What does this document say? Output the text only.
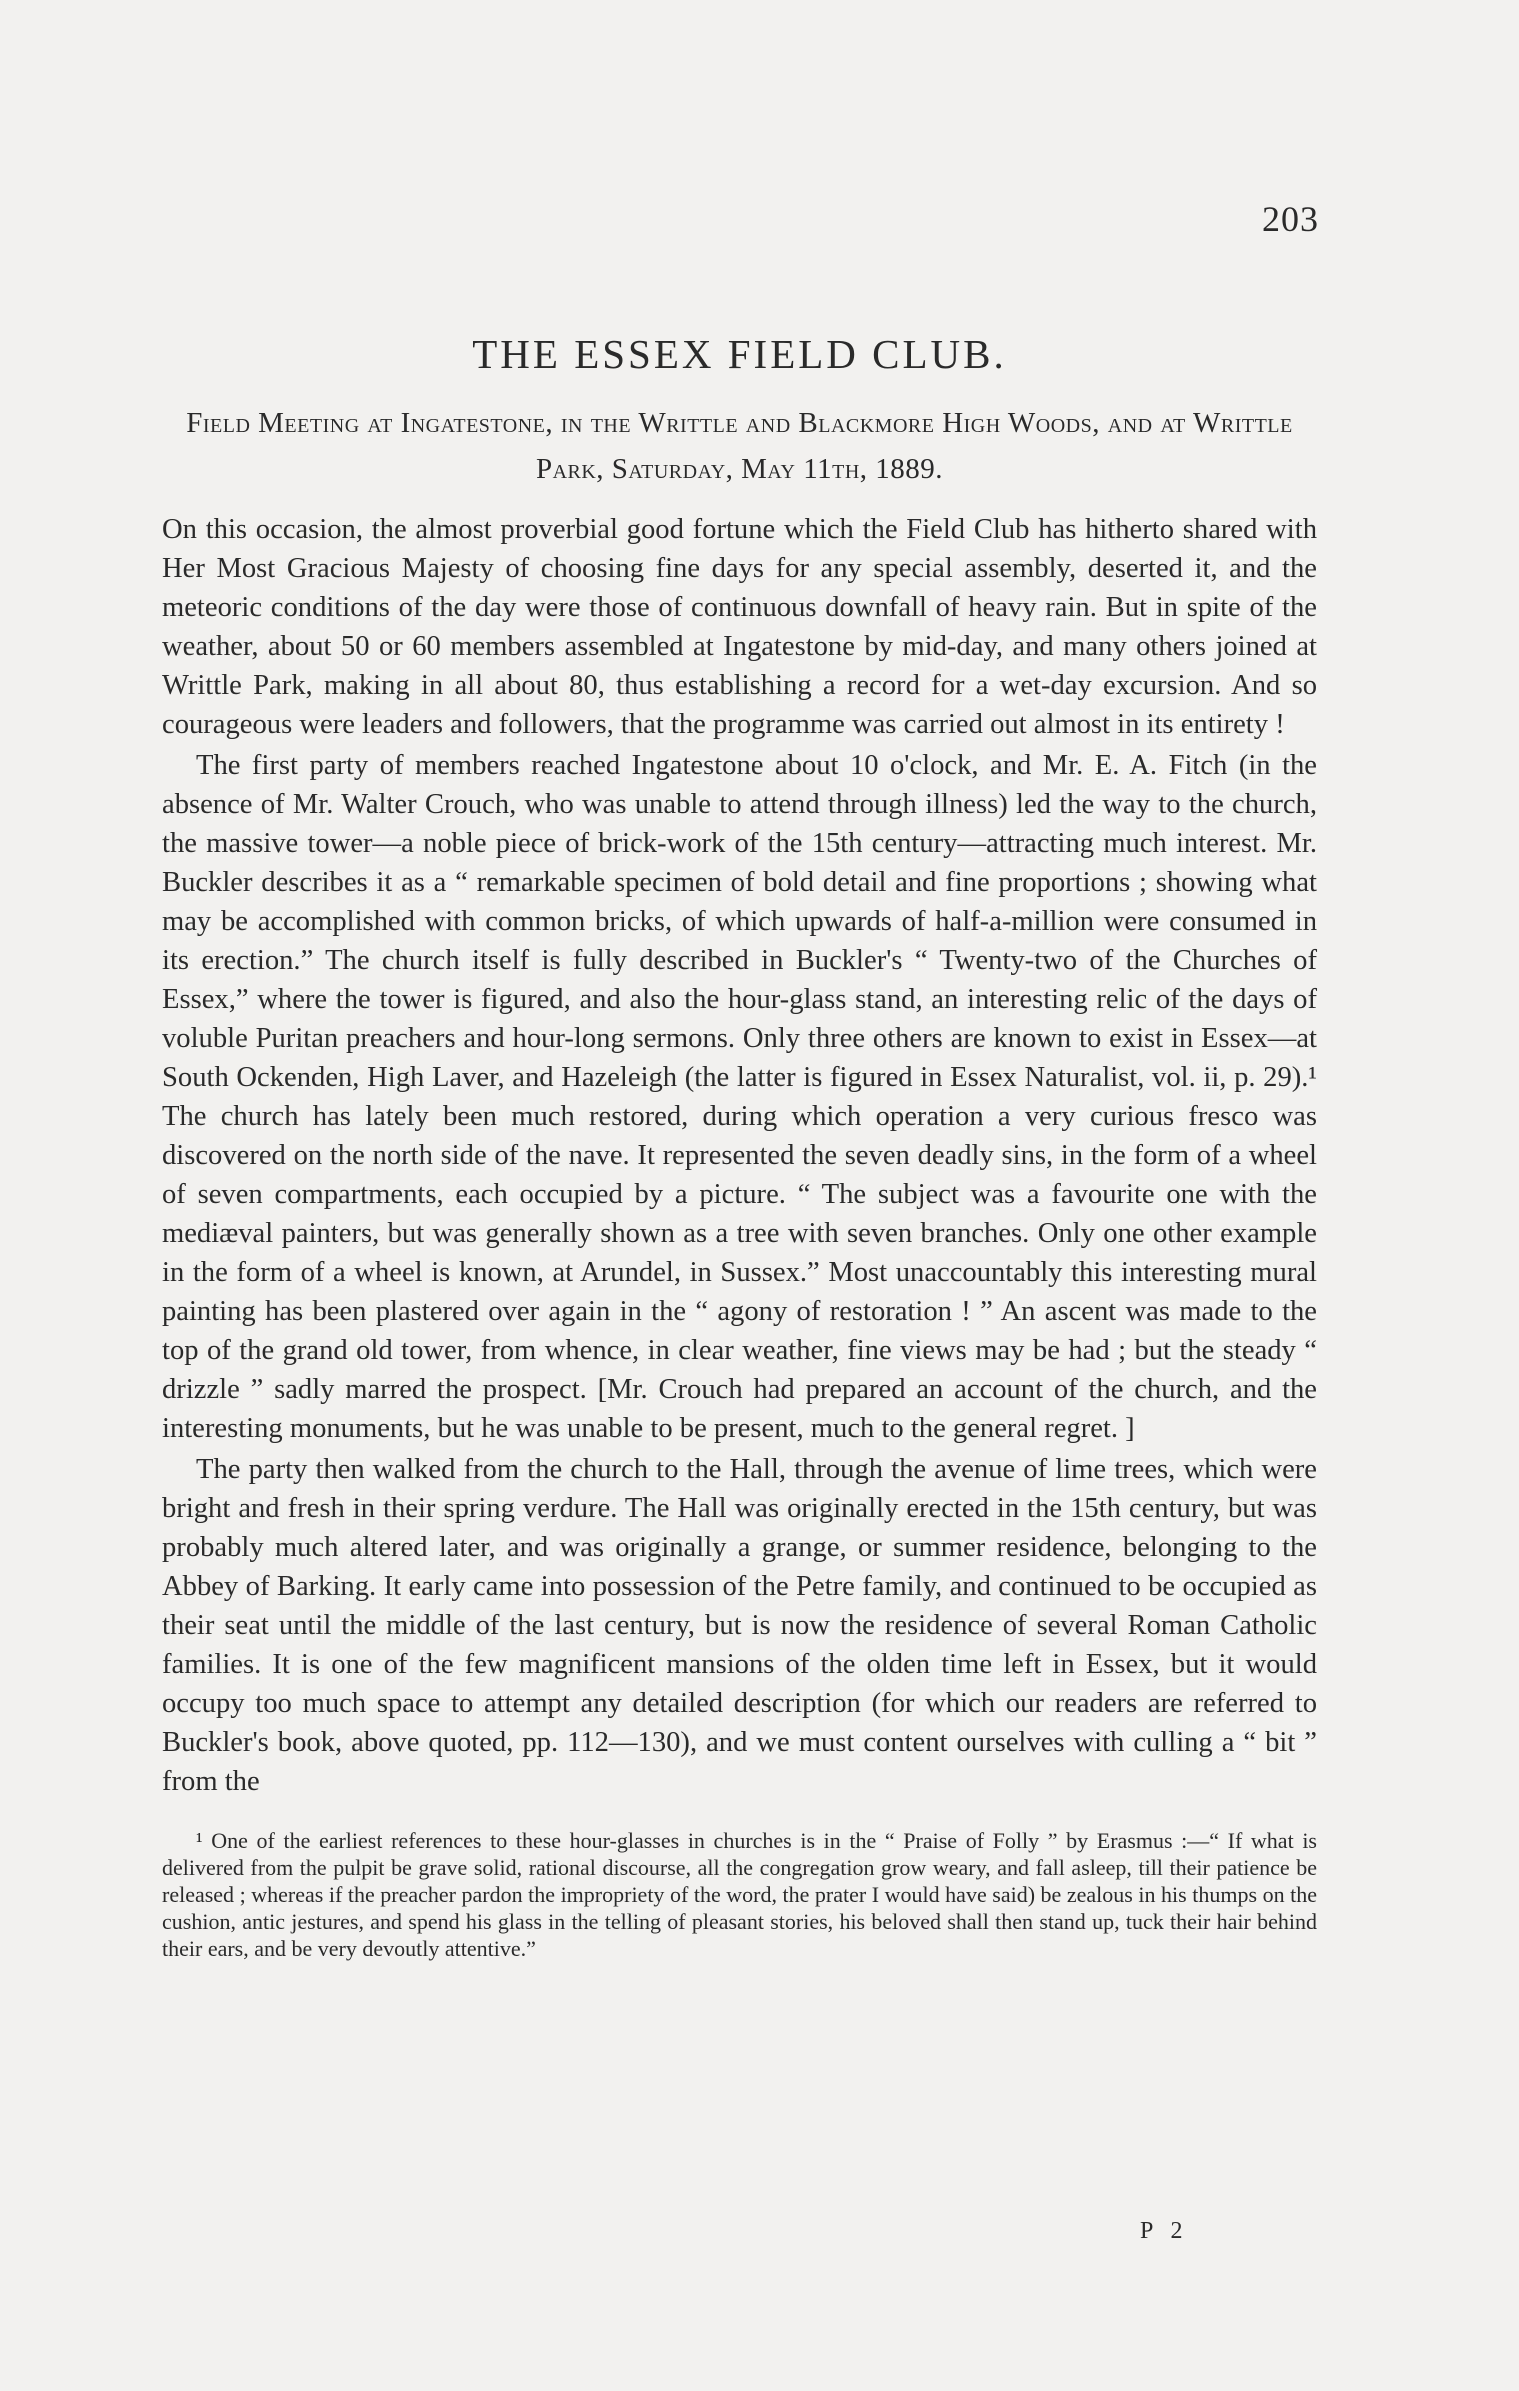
203
THE ESSEX FIELD CLUB.
Field Meeting at Ingatestone, in the Writtle and Blackmore High Woods, and at Writtle Park, Saturday, May 11th, 1889.

On this occasion, the almost proverbial good fortune which the Field Club has hitherto shared with Her Most Gracious Majesty of choosing fine days for any special assembly, deserted it, and the meteoric conditions of the day were those of continuous downfall of heavy rain. But in spite of the weather, about 50 or 60 members assembled at Ingatestone by mid-day, and many others joined at Writtle Park, making in all about 80, thus establishing a record for a wet-day excursion. And so courageous were leaders and followers, that the programme was carried out almost in its entirety !

The first party of members reached Ingatestone about 10 o'clock, and Mr. E. A. Fitch (in the absence of Mr. Walter Crouch, who was unable to attend through illness) led the way to the church, the massive tower—a noble piece of brick-work of the 15th century—attracting much interest. Mr. Buckler describes it as a “ remarkable specimen of bold detail and fine proportions ; showing what may be accomplished with common bricks, of which upwards of half-a-million were consumed in its erection.” The church itself is fully described in Buckler's “ Twenty-two of the Churches of Essex,” where the tower is figured, and also the hour-glass stand, an interesting relic of the days of voluble Puritan preachers and hour-long sermons. Only three others are known to exist in Essex—at South Ockenden, High Laver, and Hazeleigh (the latter is figured in Essex Naturalist, vol. ii, p. 29).¹ The church has lately been much restored, during which operation a very curious fresco was discovered on the north side of the nave. It represented the seven deadly sins, in the form of a wheel of seven compartments, each occupied by a picture. “ The subject was a favourite one with the mediæval painters, but was generally shown as a tree with seven branches. Only one other example in the form of a wheel is known, at Arundel, in Sussex.” Most unaccountably this interesting mural painting has been plastered over again in the “ agony of restoration ! ” An ascent was made to the top of the grand old tower, from whence, in clear weather, fine views may be had ; but the steady “ drizzle ” sadly marred the prospect. [Mr. Crouch had prepared an account of the church, and the interesting monuments, but he was unable to be present, much to the general regret. ]

The party then walked from the church to the Hall, through the avenue of lime trees, which were bright and fresh in their spring verdure. The Hall was originally erected in the 15th century, but was probably much altered later, and was originally a grange, or summer residence, belonging to the Abbey of Barking. It early came into possession of the Petre family, and continued to be occupied as their seat until the middle of the last century, but is now the residence of several Roman Catholic families. It is one of the few magnificent mansions of the olden time left in Essex, but it would occupy too much space to attempt any detailed description (for which our readers are referred to Buckler's book, above quoted, pp. 112—130), and we must content ourselves with culling a “ bit ” from the

¹ One of the earliest references to these hour-glasses in churches is in the “ Praise of Folly ” by Erasmus :—“ If what is delivered from the pulpit be grave solid, rational discourse, all the congregation grow weary, and fall asleep, till their patience be released ; whereas if the preacher pardon the impropriety of the word, the prater I would have said) be zealous in his thumps on the cushion, antic jestures, and spend his glass in the telling of pleasant stories, his beloved shall then stand up, tuck their hair behind their ears, and be very devoutly attentive.”

P 2
